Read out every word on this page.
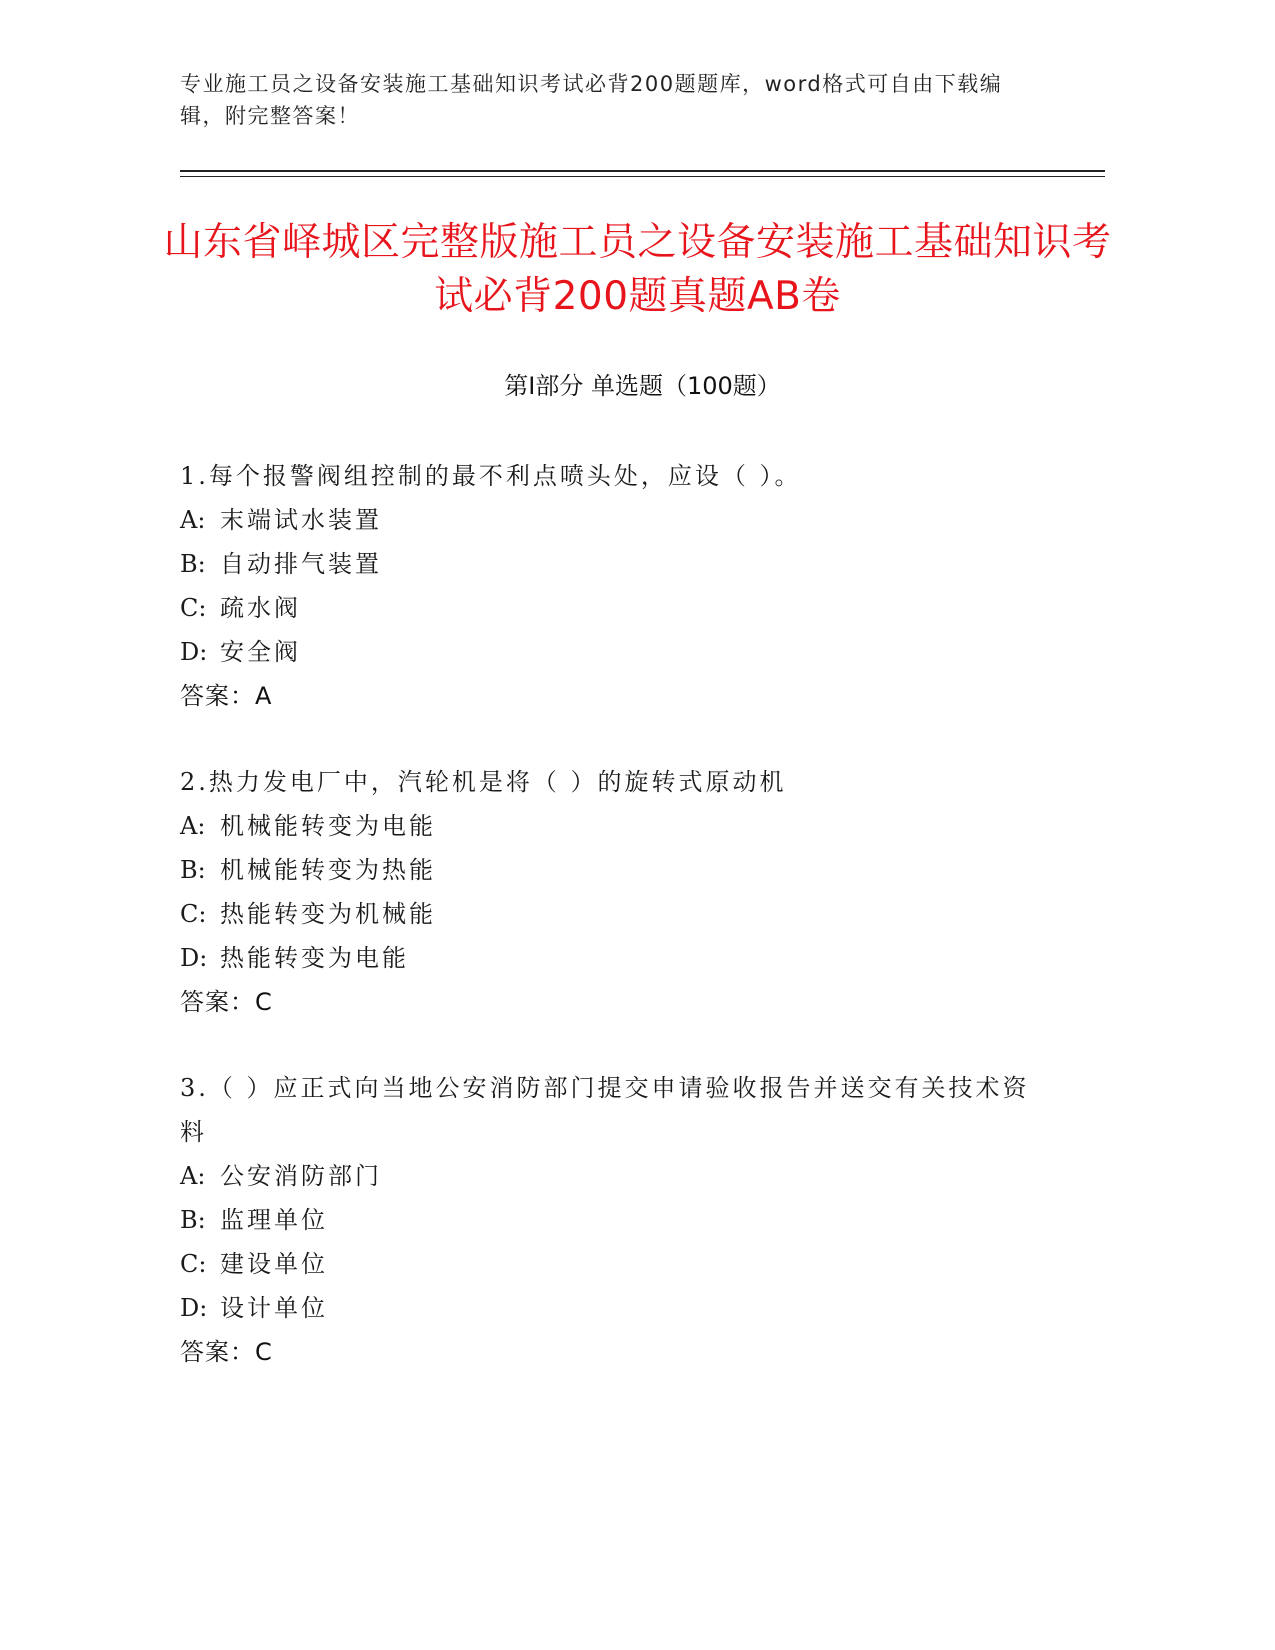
专业施工员之设备安装施工基础知识考试必背200题题库，word格式可自由下载编辑，附完整答案！
山东省峄城区完整版施工员之设备安装施工基础知识考试必背200题真题AB卷
第Ⅰ部分 单选题（100题）
1.每个报警阀组控制的最不利点喷头处，应设（ ）。
A: 末端试水装置
B: 自动排气装置
C: 疏水阀
D: 安全阀
答案：A
2.热力发电厂中，汽轮机是将（ ）的旋转式原动机
A: 机械能转变为电能
B: 机械能转变为热能
C: 热能转变为机械能
D: 热能转变为电能
答案：C
3.（ ）应正式向当地公安消防部门提交申请验收报告并送交有关技术资料
A: 公安消防部门
B: 监理单位
C: 建设单位
D: 设计单位
答案：C
